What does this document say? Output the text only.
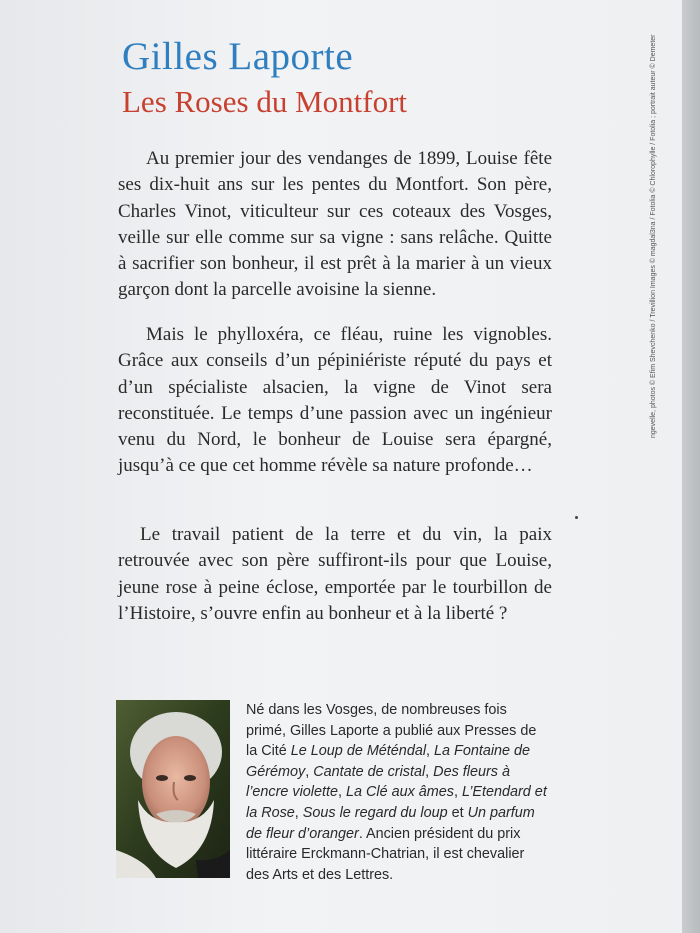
Gilles Laporte
Les Roses du Montfort

Au premier jour des vendanges de 1899, Louise fête ses dix-huit ans sur les pentes du Montfort. Son père, Charles Vinot, viticulteur sur ces coteaux des Vosges, veille sur elle comme sur sa vigne : sans relâche. Quitte à sacrifier son bonheur, il est prêt à la marier à un vieux garçon dont la parcelle avoisine la sienne.

Mais le phylloxéra, ce fléau, ruine les vignobles. Grâce aux conseils d’un pépiniériste réputé du pays et d’un spécialiste alsacien, la vigne de Vinot sera reconstituée. Le temps d’une passion avec un ingénieur venu du Nord, le bonheur de Louise sera épargné, jusqu’à ce que cet homme révèle sa nature profonde…

Le travail patient de la terre et du vin, la paix retrouvée avec son père suffiront-ils pour que Louise, jeune rose à peine éclose, emportée par le tourbillon de l’Histoire, s’ouvre enfin au bonheur et à la liberté ?

Né dans les Vosges, de nombreuses fois primé, Gilles Laporte a publié aux Presses de la Cité Le Loup de Météndal, La Fontaine de Gérémoy, Cantate de cristal, Des fleurs à l’encre violette, La Clé aux âmes, L’Etendard et la Rose, Sous le regard du loup et Un parfum de fleur d’oranger. Ancien président du prix littéraire Erckmann-Chatrian, il est chevalier des Arts et des Lettres.

ngevelle, photos © Efim Shevchenko / Trevillion Images © magdal3na / Fotolia © Chlorophylle / Fotolia ; portrait auteur © Demeter
